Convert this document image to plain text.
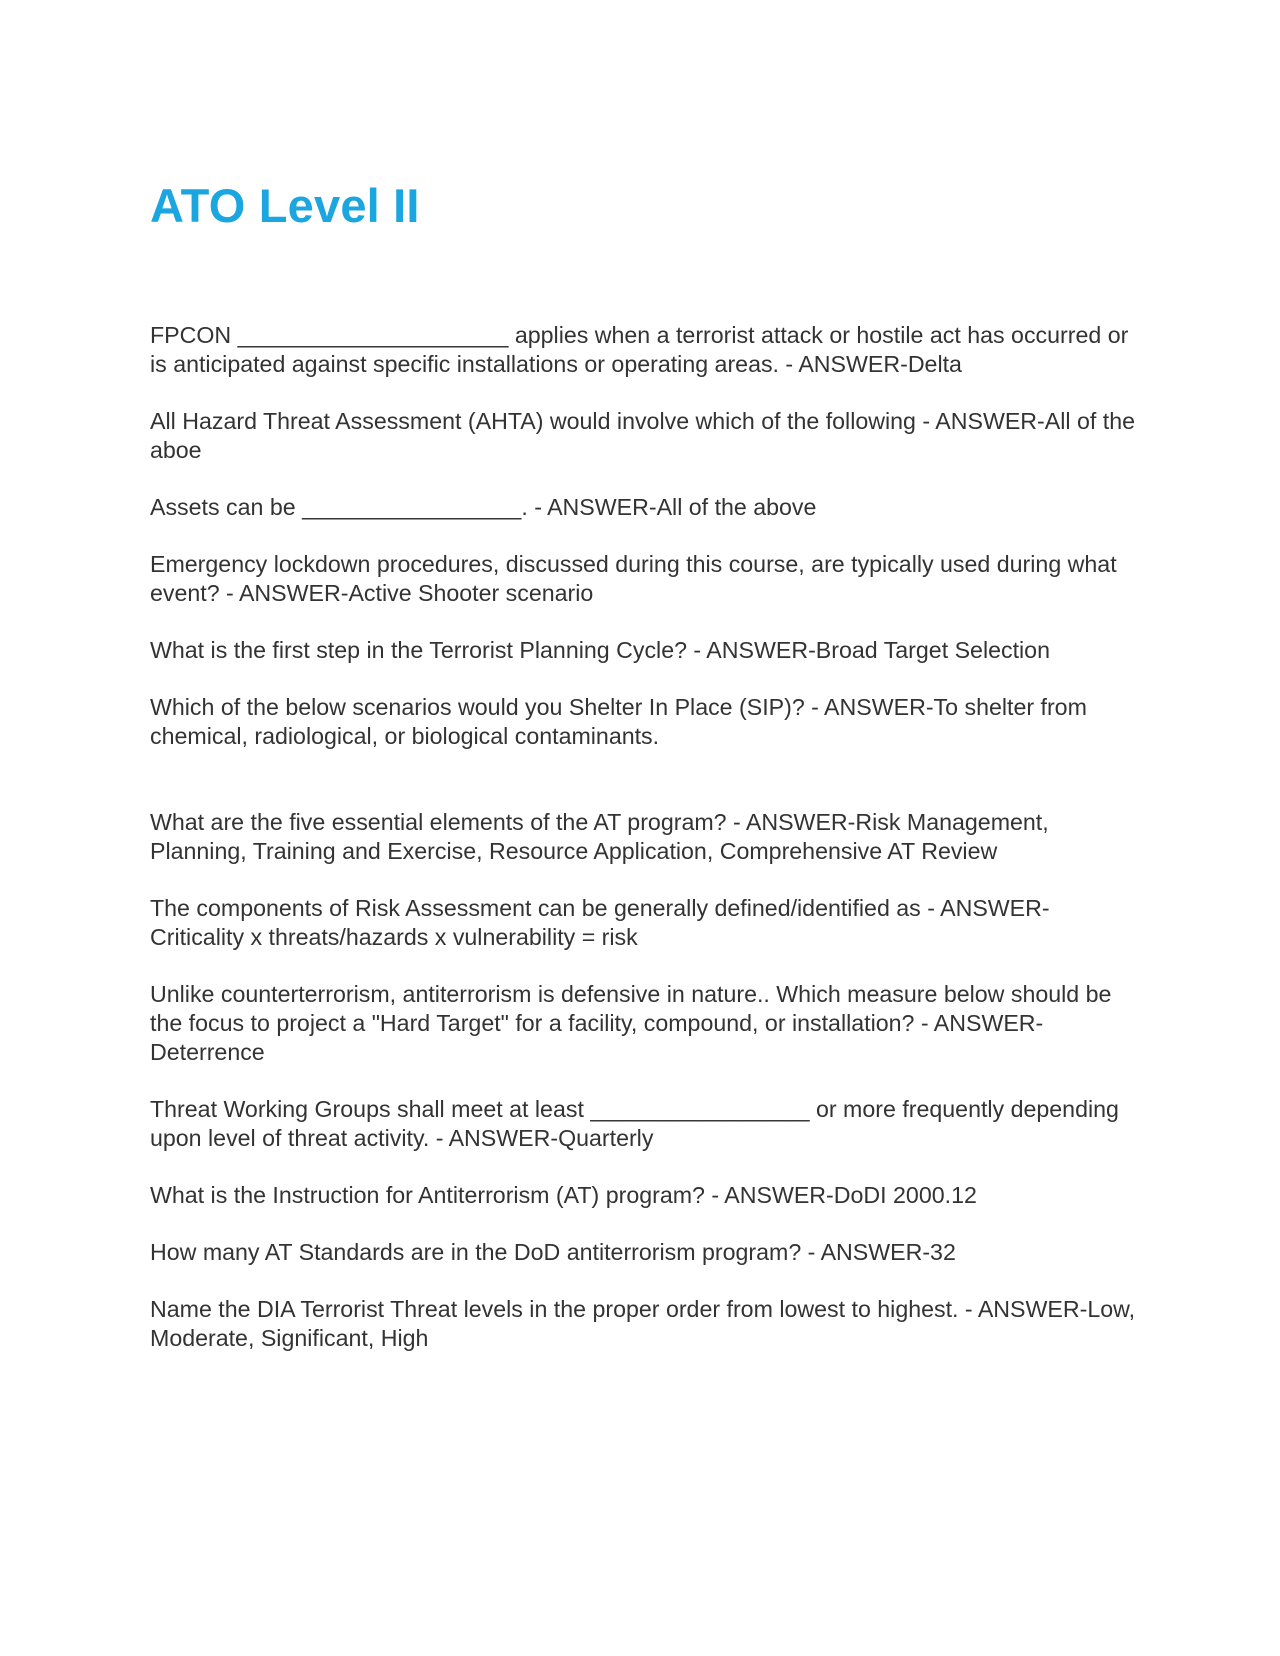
ATO Level II

FPCON _____________________ applies when a terrorist attack or hostile act has occurred or is anticipated against specific installations or operating areas. - ANSWER-Delta

All Hazard Threat Assessment (AHTA) would involve which of the following - ANSWER-All of the aboe

Assets can be _________________. - ANSWER-All of the above

Emergency lockdown procedures, discussed during this course, are typically used during what event? - ANSWER-Active Shooter scenario

What is the first step in the Terrorist Planning Cycle? - ANSWER-Broad Target Selection

Which of the below scenarios would you Shelter In Place (SIP)? - ANSWER-To shelter from chemical, radiological, or biological contaminants.

What are the five essential elements of the AT program? - ANSWER-Risk Management, Planning, Training and Exercise, Resource Application, Comprehensive AT Review

The components of Risk Assessment can be generally defined/identified as - ANSWER-Criticality x threats/hazards x vulnerability = risk

Unlike counterterrorism, antiterrorism is defensive in nature.. Which measure below should be the focus to project a "Hard Target" for a facility, compound, or installation? - ANSWER-Deterrence

Threat Working Groups shall meet at least _________________ or more frequently depending upon level of threat activity. - ANSWER-Quarterly

What is the Instruction for Antiterrorism (AT) program? - ANSWER-DoDI 2000.12

How many AT Standards are in the DoD antiterrorism program? - ANSWER-32

Name the DIA Terrorist Threat levels in the proper order from lowest to highest. - ANSWER-Low, Moderate, Significant, High
